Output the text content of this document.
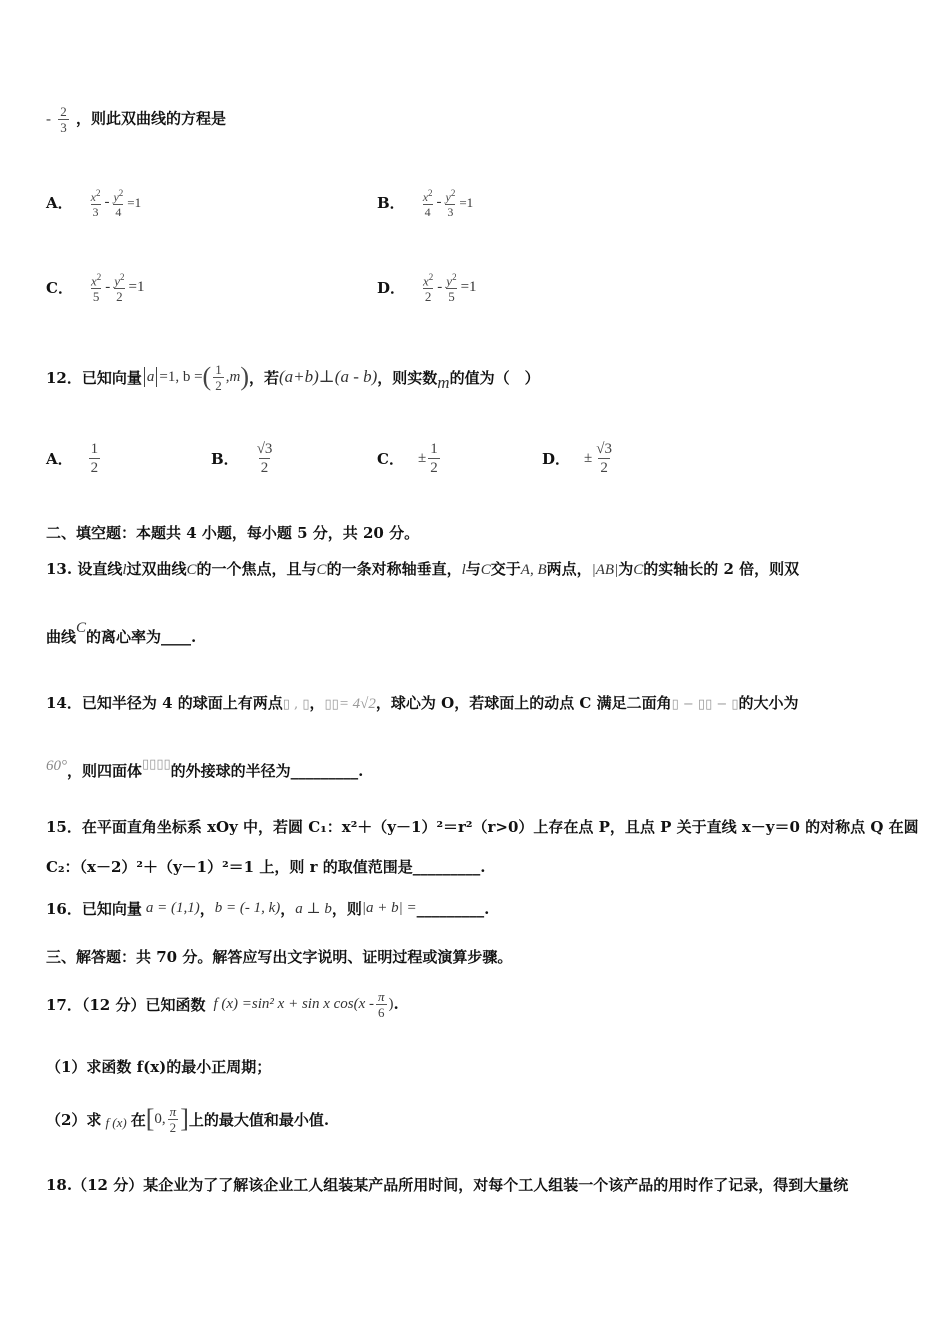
- $\frac{2}{3}$ ，则此双曲线的方程是
A． $\frac{x^2}{3} - \frac{y^2}{4} =1$	B． $\frac{x^2}{4} - \frac{y^2}{3} =1$
C． $\frac{x^2}{5} - \frac{y^2}{2} =1$	D． $\frac{x^2}{2} - \frac{y^2}{5} =1$
12．已知向量 a =1, b = ( $\frac{1}{2}$ , m ) ，若 (a+b)⊥(a - b) ，则实数 m 的值为（　）
A． $\frac{1}{2}$	B． $\frac{√3}{2}$	C． ± $\frac{1}{2}$	D． ± $\frac{√3}{2}$
二、填空题：本题共 4 小题，每小题 5 分，共 20 分。
13. 设直线l过双曲线C的一个焦点，且与C的一条对称轴垂直，l与C交于A, B两点，|AB|为C的实轴长的 2 倍，则双
曲线C的离心率为____.
14．已知半径为 4 的球面上有两点▯ , ▯，▯▯= 4√2，球心为 O，若球面上的动点 C 满足二面角▯ − ▯▯ − ▯的大小为
60°，则四面体▯▯▯▯的外接球的半径为_________.
15．在平面直角坐标系 xOy 中，若圆 C₁：x²＋（y－1）²＝r²（r>0）上存在点 P，且点 P 关于直线 x－y＝0 的对称点 Q 在圆
C₂：（x－2）²＋（y－1）²＝1 上，则 r 的取值范围是_________.
16．已知向量 a = (1,1) ， b = (- 1, k) ， a ⊥ b ，则 |a + b| = _________.
三、解答题：共 70 分。解答应写出文字说明、证明过程或演算步骤。
17．（12 分）已知函数 f (x) =sin² x + sin x $\cos(x - \frac{\pi}{6}$ ) .
（1）求函数 f(x)的最小正周期；
（2）求 f (x) 在 [ 0, $\frac{\pi}{2}$ ] 上的最大值和最小值.
18.（12 分）某企业为了了解该企业工人组装某产品所用时间，对每个工人组装一个该产品的用时作了记录，得到大量统
